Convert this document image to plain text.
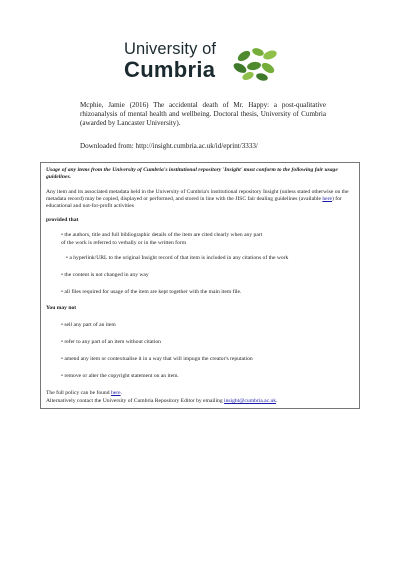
University of
Cumbria
Mcphie, Jamie (2016) The accidental death of Mr. Happy: a post-qualitative rhizoanalysis of mental health and wellbeing. Doctoral thesis, University of Cumbria (awarded by Lancaster University).
Downloaded from: http://insight.cumbria.ac.uk/id/eprint/3333/
Usage of any items from the University of Cumbria's institutional repository 'Insight' must conform to the following fair usage guidelines.
Any item and its associated metadata held in the University of Cumbria's institutional repository Insight (unless stated otherwise on the metadata record) may be copied, displayed or performed, and stored in line with the JISC fair dealing guidelines (available here) for educational and not-for-profit activities
provided that
• the authors, title and full bibliographic details of the item are cited clearly when any part
of the work is referred to verbally or in the written form
• a hyperlink/URL to the original Insight record of that item is included in any citations of the work
• the content is not changed in any way
• all files required for usage of the item are kept together with the main item file.
You may not
• sell any part of an item
• refer to any part of an item without citation
• amend any item or contextualise it in a way that will impugn the creator's reputation
• remove or alter the copyright statement on an item.
The full policy can be found here.
Alternatively contact the University of Cumbria Repository Editor by emailing insight@cumbria.ac.uk.
